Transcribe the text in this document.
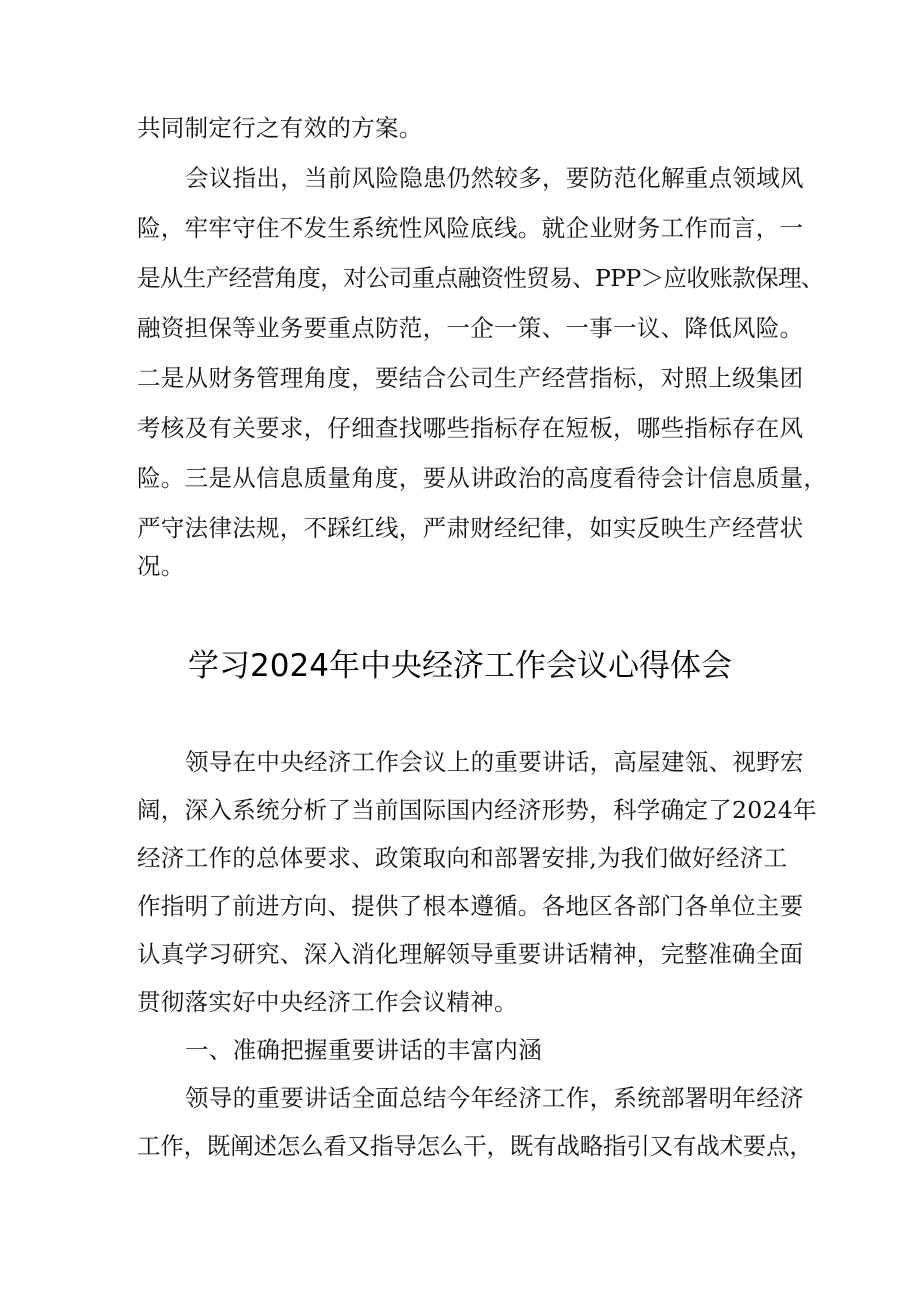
共同制定行之有效的方案。
会议指出，当前风险隐患仍然较多，要防范化解重点领域风
险，牢牢守住不发生系统性风险底线。就企业财务工作而言，一
是从生产经营角度，对公司重点融资性贸易、PPP＞应收账款保理、
融资担保等业务要重点防范，一企一策、一事一议、降低风险。
二是从财务管理角度，要结合公司生产经营指标，对照上级集团
考核及有关要求，仔细查找哪些指标存在短板，哪些指标存在风
险。三是从信息质量角度，要从讲政治的高度看待会计信息质量，
严守法律法规，不踩红线，严肃财经纪律，如实反映生产经营状
况。
学习2024年中央经济工作会议心得体会
领导在中央经济工作会议上的重要讲话，高屋建瓴、视野宏
阔，深入系统分析了当前国际国内经济形势，科学确定了2024年
经济工作的总体要求、政策取向和部署安排,为我们做好经济工
作指明了前进方向、提供了根本遵循。各地区各部门各单位主要
认真学习研究、深入消化理解领导重要讲话精神，完整准确全面
贯彻落实好中央经济工作会议精神。
一、准确把握重要讲话的丰富内涵
领导的重要讲话全面总结今年经济工作，系统部署明年经济
工作，既阐述怎么看又指导怎么干，既有战略指引又有战术要点，
